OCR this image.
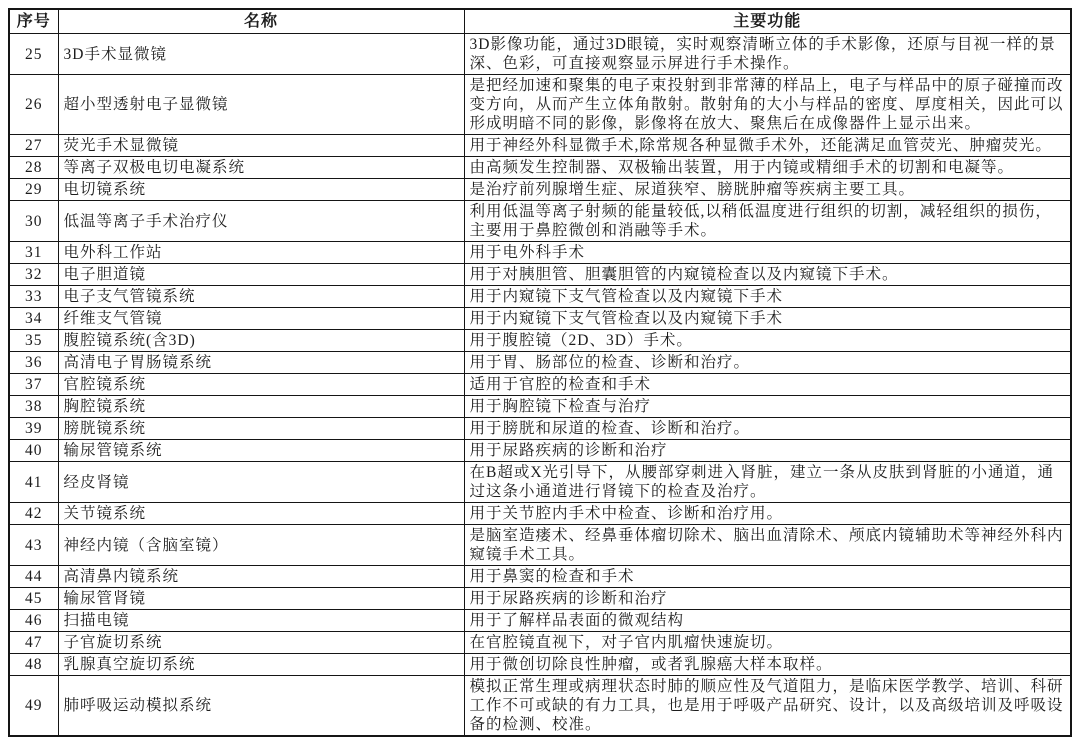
序号	名称	主要功能
25	3D手术显微镜	3D影像功能，通过3D眼镜，实时观察清晰立体的手术影像，还原与目视一样的景深、色彩，可直接观察显示屏进行手术操作。
26	超小型透射电子显微镜	是把经加速和聚集的电子束投射到非常薄的样品上，电子与样品中的原子碰撞而改变方向，从而产生立体角散射。散射角的大小与样品的密度、厚度相关，因此可以形成明暗不同的影像，影像将在放大、聚焦后在成像器件上显示出来。
27	荧光手术显微镜	用于神经外科显微手术,除常规各种显微手术外，还能满足血管荧光、肿瘤荧光。
28	等离子双极电切电凝系统	由高频发生控制器、双极输出装置，用于内镜或精细手术的切割和电凝等。
29	电切镜系统	是治疗前列腺增生症、尿道狭窄、膀胱肿瘤等疾病主要工具。
30	低温等离子手术治疗仪	利用低温等离子射频的能量较低,以稍低温度进行组织的切割，减轻组织的损伤，主要用于鼻腔微创和消融等手术。
31	电外科工作站	用于电外科手术
32	电子胆道镜	用于对胰胆管、胆囊胆管的内窥镜检查以及内窥镜下手术。
33	电子支气管镜系统	用于内窥镜下支气管检查以及内窥镜下手术
34	纤维支气管镜	用于内窥镜下支气管检查以及内窥镜下手术
35	腹腔镜系统(含3D)	用于腹腔镜（2D、3D）手术。
36	高清电子胃肠镜系统	用于胃、肠部位的检查、诊断和治疗。
37	官腔镜系统	适用于官腔的检查和手术
38	胸腔镜系统	用于胸腔镜下检查与治疗
39	膀胱镜系统	用于膀胱和尿道的检查、诊断和治疗。
40	输尿管镜系统	用于尿路疾病的诊断和治疗
41	经皮肾镜	在B超或X光引导下，从腰部穿刺进入肾脏，建立一条从皮肤到肾脏的小通道，通过这条小通道进行肾镜下的检查及治疗。
42	关节镜系统	用于关节腔内手术中检查、诊断和治疗用。
43	神经内镜（含脑室镜）	是脑室造瘘术、经鼻垂体瘤切除术、脑出血清除术、颅底内镜辅助术等神经外科内窥镜手术工具。
44	高清鼻内镜系统	用于鼻窦的检查和手术
45	输尿管肾镜	用于尿路疾病的诊断和治疗
46	扫描电镜	用于了解样品表面的微观结构
47	子官旋切系统	在官腔镜直视下，对子官内肌瘤快速旋切。
48	乳腺真空旋切系统	用于微创切除良性肿瘤，或者乳腺癌大样本取样。
49	肺呼吸运动模拟系统	模拟正常生理或病理状态时肺的顺应性及气道阻力，是临床医学教学、培训、科研工作不可或缺的有力工具，也是用于呼吸产品研究、设计，以及高级培训及呼吸设备的检测、校准。
